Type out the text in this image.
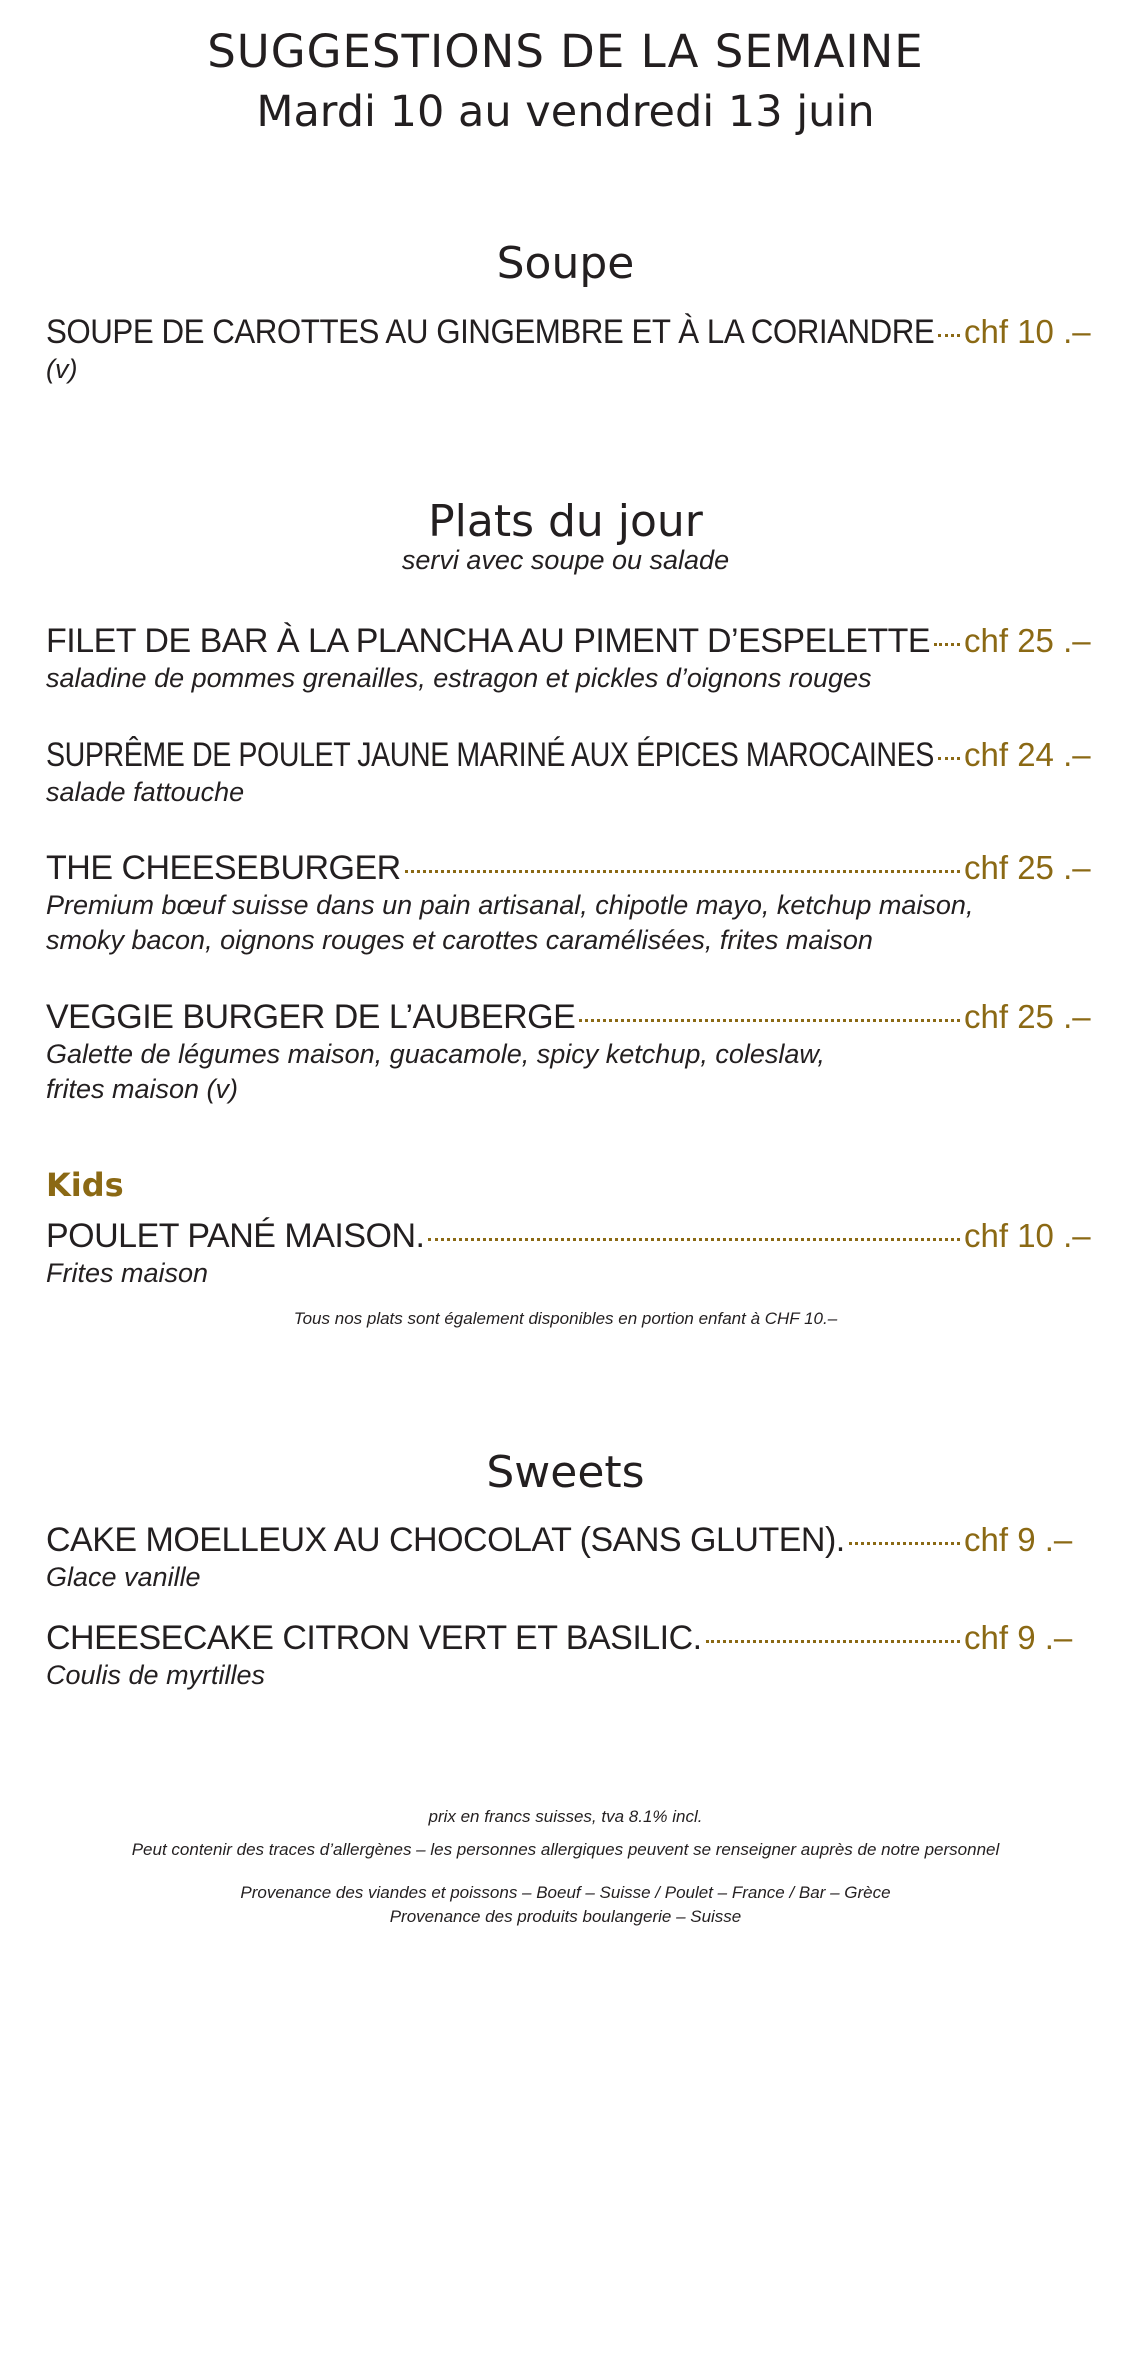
SUGGESTIONS DE LA SEMAINE
Mardi 10 au vendredi 13 juin
Soupe
SOUPE DE CAROTTES AU GINGEMBRE ET À LA CORIANDRE chf 10 .–
(v)
Plats du jour
servi avec soupe ou salade
FILET DE BAR À LA PLANCHA AU PIMENT D’ESPELETTE chf 25 .–
saladine de pommes grenailles, estragon et pickles d’oignons rouges
SUPRÊME DE POULET JAUNE MARINÉ AUX ÉPICES MAROCAINES chf 24 .–
salade fattouche
THE CHEESEBURGER	chf 25 .–
Premium bœuf suisse dans un pain artisanal, chipotle mayo, ketchup maison,
smoky bacon, oignons rouges et carottes caramélisées, frites maison
VEGGIE BURGER DE L’AUBERGE	chf 25 .–
Galette de légumes maison, guacamole, spicy ketchup, coleslaw,
frites maison (v)
Kids
POULET PANÉ MAISON.	chf 10 .–
Frites maison
Tous nos plats sont également disponibles en portion enfant à CHF 10.–
Sweets
CAKE MOELLEUX AU CHOCOLAT (SANS GLUTEN).	chf 9 .–
Glace vanille
CHEESECAKE CITRON VERT ET BASILIC.	chf 9 .–
Coulis de myrtilles
prix en francs suisses, tva 8.1% incl.
Peut contenir des traces d’allergènes – les personnes allergiques peuvent se renseigner auprès de notre personnel
Provenance des viandes et poissons – Boeuf – Suisse / Poulet – France / Bar – Grèce
Provenance des produits boulangerie – Suisse
